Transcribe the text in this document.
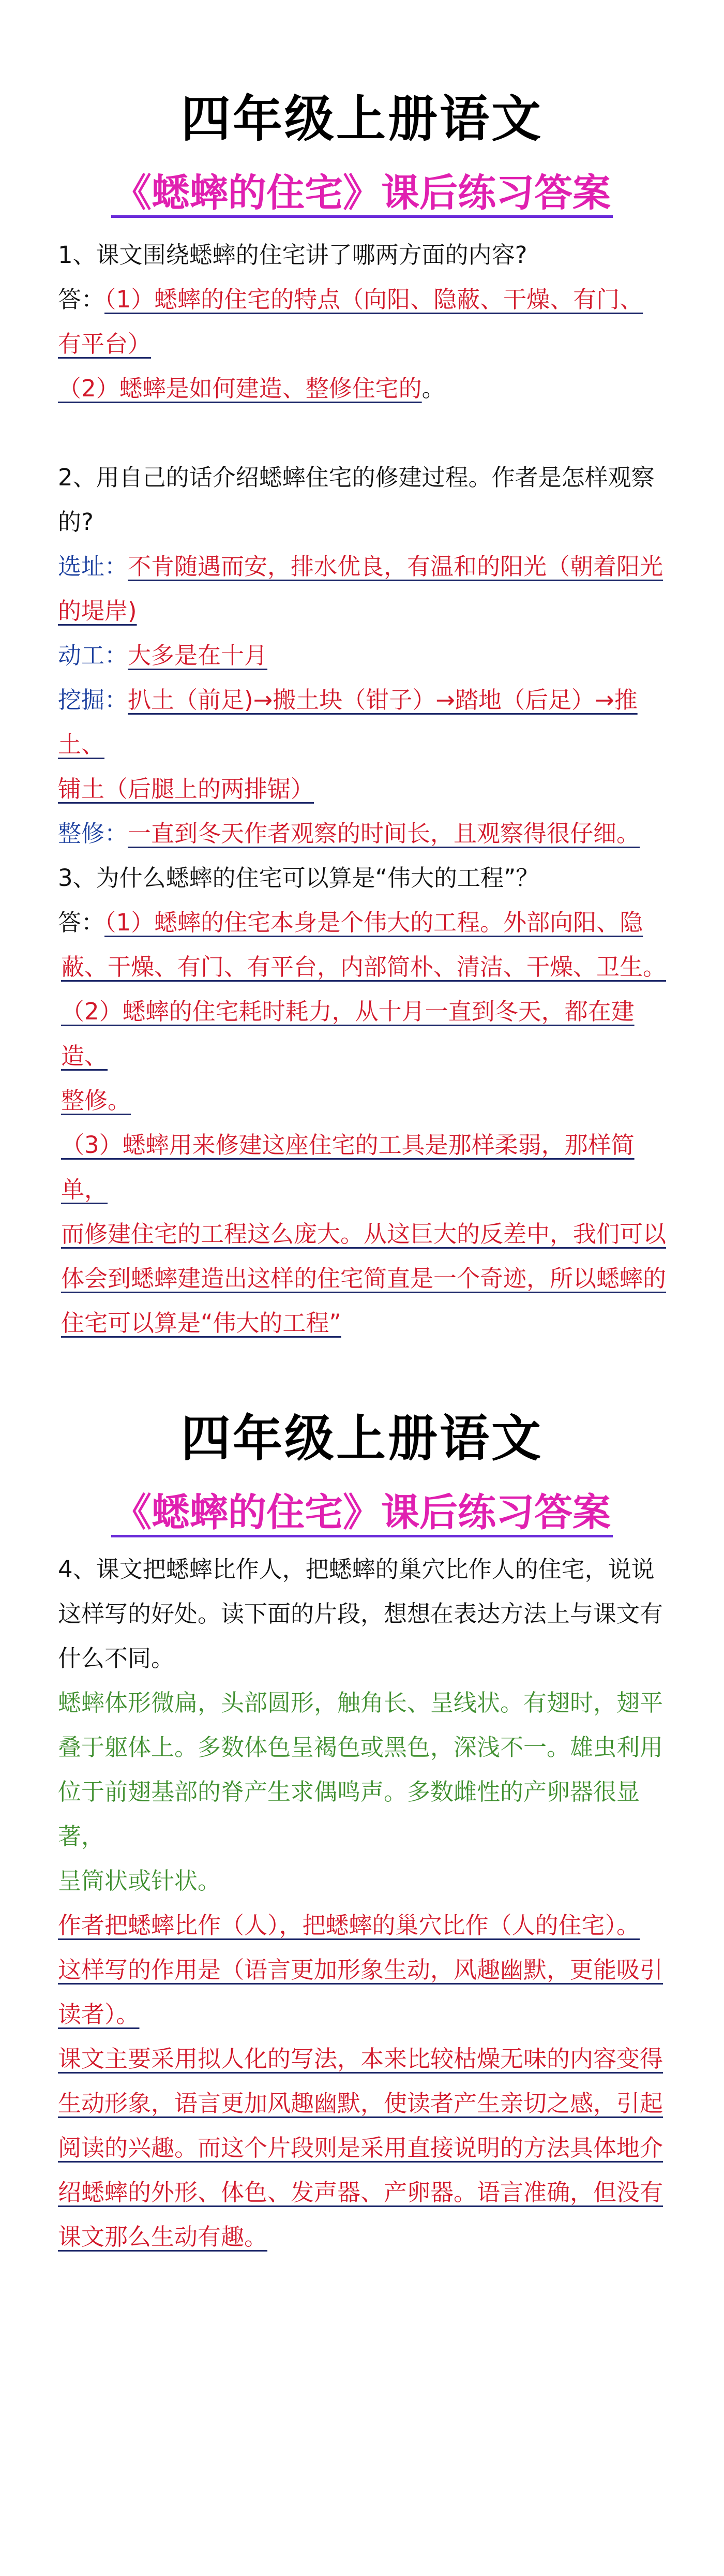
四年级上册语文
《蟋蟀的住宅》课后练习答案

1、课文围绕蟋蟀的住宅讲了哪两方面的内容?

答：（1）蟋蟀的住宅的特点（向阳、隐蔽、干燥、有门、

有平台）

（2）蟋蟀是如何建造、整修住宅的。

2、用自己的话介绍蟋蟀住宅的修建过程。作者是怎样观察

的?

选址：不肯随遇而安，排水优良，有温和的阳光（朝着阳光

的堤岸)

动工：大多是在十月

挖掘：扒土（前足)→搬土块（钳子）→踏地（后足）→推土、

铺土（后腿上的两排锯）

整修：一直到冬天作者观察的时间长，且观察得很仔细。

3、为什么蟋蟀的住宅可以算是“伟大的工程”？

答：（1）蟋蟀的住宅本身是个伟大的工程。外部向阳、隐

蔽、干燥、有门、有平台，内部简朴、清洁、干燥、卫生。

（2）蟋蟀的住宅耗时耗力，从十月一直到冬天，都在建造、

整修。

（3）蟋蟀用来修建这座住宅的工具是那样柔弱，那样简单，

而修建住宅的工程这么庞大。从这巨大的反差中，我们可以

体会到蟋蟀建造出这样的住宅简直是一个奇迹，所以蟋蟀的

住宅可以算是“伟大的工程”

四年级上册语文
《蟋蟀的住宅》课后练习答案

4、课文把蟋蟀比作人，把蟋蟀的巢穴比作人的住宅，说说

这样写的好处。读下面的片段，想想在表达方法上与课文有

什么不同。

蟋蟀体形微扁，头部圆形，触角长、呈线状。有翅时，翅平

叠于躯体上。多数体色呈褐色或黑色，深浅不一。雄虫利用

位于前翅基部的脊产生求偶鸣声。多数雌性的产卵器很显著，

呈筒状或针状。

作者把蟋蟀比作（人），把蟋蟀的巢穴比作（人的住宅）。

这样写的作用是（语言更加形象生动，风趣幽默，更能吸引

读者）。

课文主要采用拟人化的写法，本来比较枯燥无味的内容变得

生动形象，语言更加风趣幽默，使读者产生亲切之感，引起

阅读的兴趣。而这个片段则是采用直接说明的方法具体地介

绍蟋蟀的外形、体色、发声器、产卵器。语言准确，但没有

课文那么生动有趣。
